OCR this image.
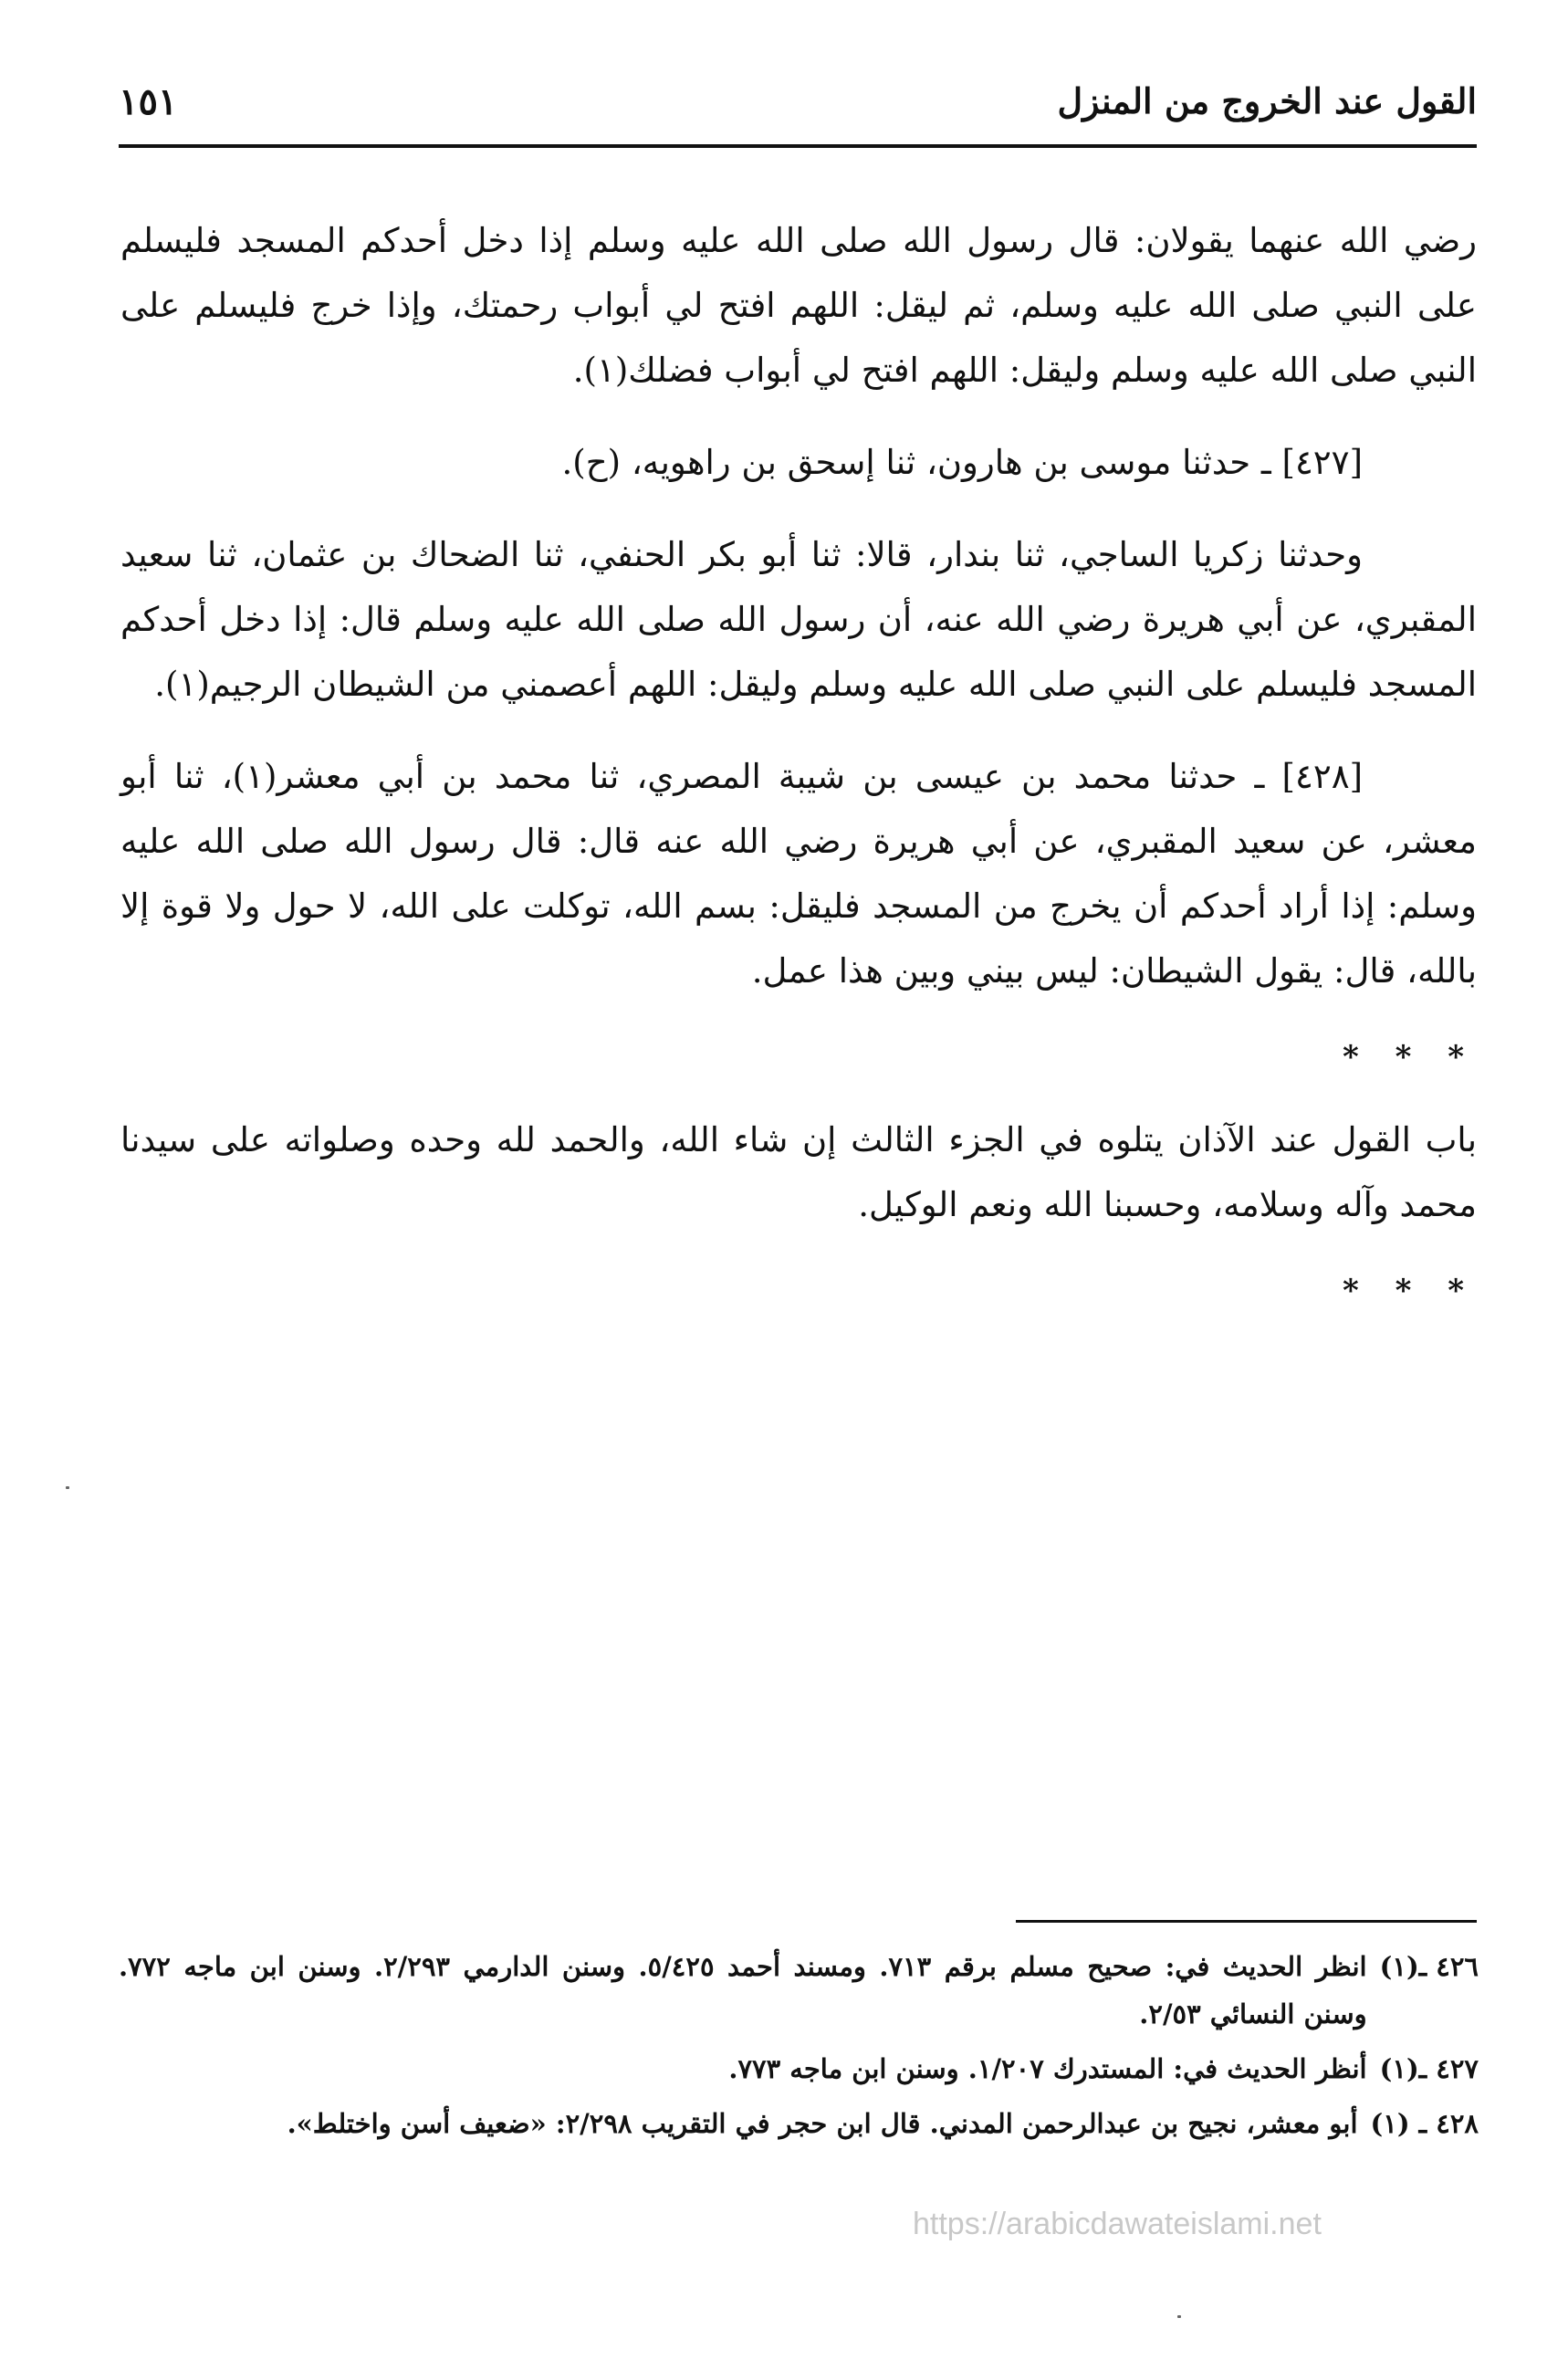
القول عند الخروج من المنزل
١٥١

رضي الله عنهما يقولان: قال رسول الله صلى الله عليه وسلم إذا دخل أحدكم المسجد فليسلم على النبي صلى الله عليه وسلم، ثم ليقل: اللهم افتح لي أبواب رحمتك، وإذا خرج فليسلم على النبي صلى الله عليه وسلم وليقل: اللهم افتح لي أبواب فضلك(١).

[٤٢٧] ـ حدثنا موسى بن هارون، ثنا إسحق بن راهويه، (ح).

وحدثنا زكريا الساجي، ثنا بندار، قالا: ثنا أبو بكر الحنفي، ثنا الضحاك بن عثمان، ثنا سعيد المقبري، عن أبي هريرة رضي الله عنه، أن رسول الله صلى الله عليه وسلم قال: إذا دخل أحدكم المسجد فليسلم على النبي صلى الله عليه وسلم وليقل: اللهم أعصمني من الشيطان الرجيم(١).

[٤٢٨] ـ حدثنا محمد بن عيسى بن شيبة المصري، ثنا محمد بن أبي معشر(١)، ثنا أبو معشر، عن سعيد المقبري، عن أبي هريرة رضي الله عنه قال: قال رسول الله صلى الله عليه وسلم: إذا أراد أحدكم أن يخرج من المسجد فليقل: بسم الله، توكلت على الله، لا حول ولا قوة إلا بالله، قال: يقول الشيطان: ليس بيني وبين هذا عمل.

* * *

باب القول عند الآذان يتلوه في الجزء الثالث إن شاء الله، والحمد لله وحده وصلواته على سيدنا محمد وآله وسلامه، وحسبنا الله ونعم الوكيل.

* * *

٤٢٦ ـ(١)
انظر الحديث في: صحيح مسلم برقم ٧١٣. ومسند أحمد ٥/٤٢٥. وسنن الدارمي ٢/٢٩٣. وسنن ابن ماجه ٧٧٢. وسنن النسائي ٢/٥٣.
٤٢٧ ـ(١)
أنظر الحديث في: المستدرك ١/٢٠٧. وسنن ابن ماجه ٧٧٣.
٤٢٨ ـ (١)
أبو معشر، نجيح بن عبدالرحمن المدني. قال ابن حجر في التقريب ٢/٢٩٨: «ضعيف أسن واختلط».
https://arabicdawateislami.net
